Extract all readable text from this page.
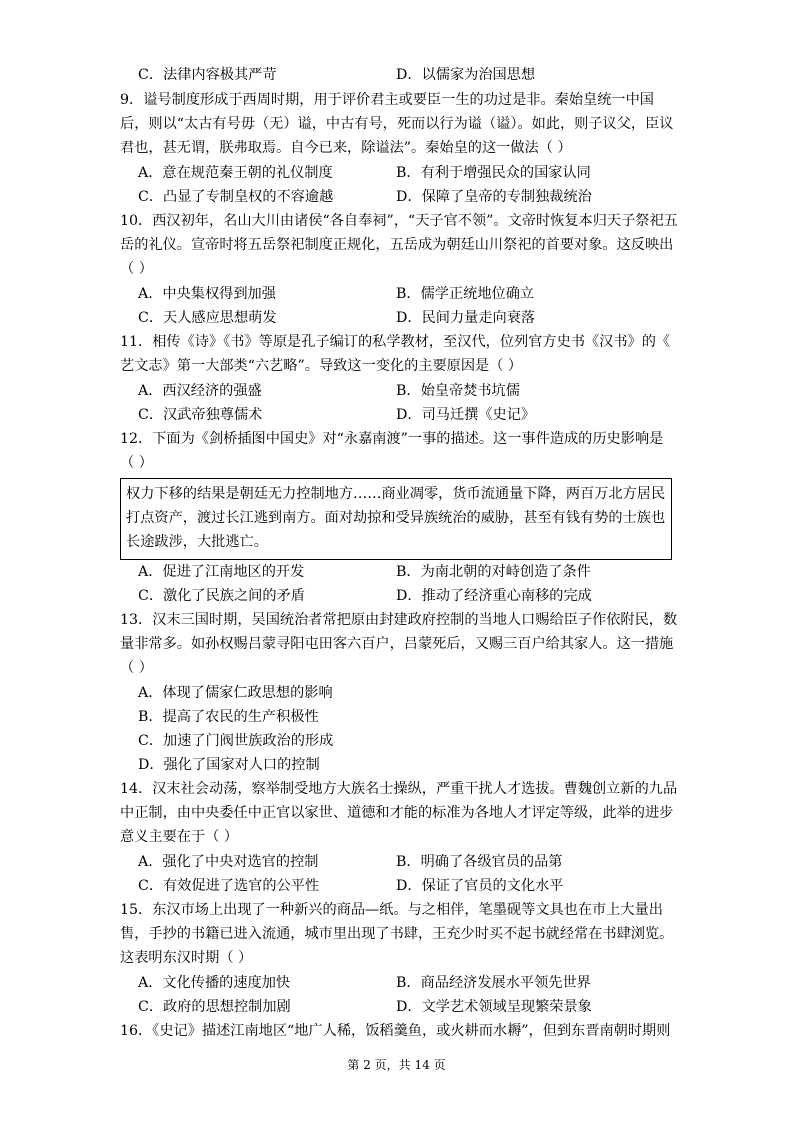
C．法律内容极其严苛	D．以儒家为治国思想
9．谥号制度形成于西周时期，用于评价君主或要臣一生的功过是非。秦始皇统一中国
后，则以“太古有号毋（无）谥，中古有号，死而以行为谥（谥）。如此，则子议父，臣议
君也，甚无谓，朕弗取焉。自今已来，除谥法”。秦始皇的这一做法（ ）
A．意在规范秦王朝的礼仪制度	B．有利于增强民众的国家认同
C．凸显了专制皇权的不容逾越	D．保障了皇帝的专制独裁统治
10．西汉初年，名山大川由诸侯“各自奉祠”，“天子官不领”。文帝时恢复本归天子祭祀五
岳的礼仪。宣帝时将五岳祭祀制度正规化，五岳成为朝廷山川祭祀的首要对象。这反映出
（ ）
A．中央集权得到加强	B．儒学正统地位确立
C．天人感应思想萌发	D．民间力量走向衰落
11．相传《诗》《书》等原是孔子编订的私学教材，至汉代，位列官方史书《汉书》的《
艺文志》第一大部类“六艺略”。导致这一变化的主要原因是（ ）
A．西汉经济的强盛	B．始皇帝焚书坑儒
C．汉武帝独尊儒术	D．司马迁撰《史记》
12．下面为《剑桥插图中国史》对“永嘉南渡”一事的描述。这一事件造成的历史影响是
（ ）
权力下移的结果是朝廷无力控制地方……商业凋零，货币流通量下降，两百万北方居民
打点资产，渡过长江逃到南方。面对劫掠和受异族统治的威胁，甚至有钱有势的士族也
长途跋涉，大批逃亡。
A．促进了江南地区的开发	B．为南北朝的对峙创造了条件
C．激化了民族之间的矛盾	D．推动了经济重心南移的完成
13．汉末三国时期，吴国统治者常把原由封建政府控制的当地人口赐给臣子作依附民，数
量非常多。如孙权赐吕蒙寻阳屯田客六百户，吕蒙死后，又赐三百户给其家人。这一措施
（ ）
A．体现了儒家仁政思想的影响
B．提高了农民的生产积极性
C．加速了门阀世族政治的形成
D．强化了国家对人口的控制
14．汉末社会动荡，察举制受地方大族名士操纵，严重干扰人才选拔。曹魏创立新的九品
中正制，由中央委任中正官以家世、道德和才能的标准为各地人才评定等级，此举的进步
意义主要在于（ ）
A．强化了中央对选官的控制	B．明确了各级官员的品第
C．有效促进了选官的公平性	D．保证了官员的文化水平
15．东汉市场上出现了一种新兴的商品—纸。与之相伴，笔墨砚等文具也在市上大量出
售，手抄的书籍已进入流通，城市里出现了书肆，王充少时买不起书就经常在书肆浏览。
这表明东汉时期（ ）
A．文化传播的速度加快	B．商品经济发展水平领先世界
C．政府的思想控制加剧	D．文学艺术领域呈现繁荣景象
16．《史记》描述江南地区“地广人稀，饭稻羹鱼，或火耕而水耨”，但到东晋南朝时期则
第 2 页，共 14 页
